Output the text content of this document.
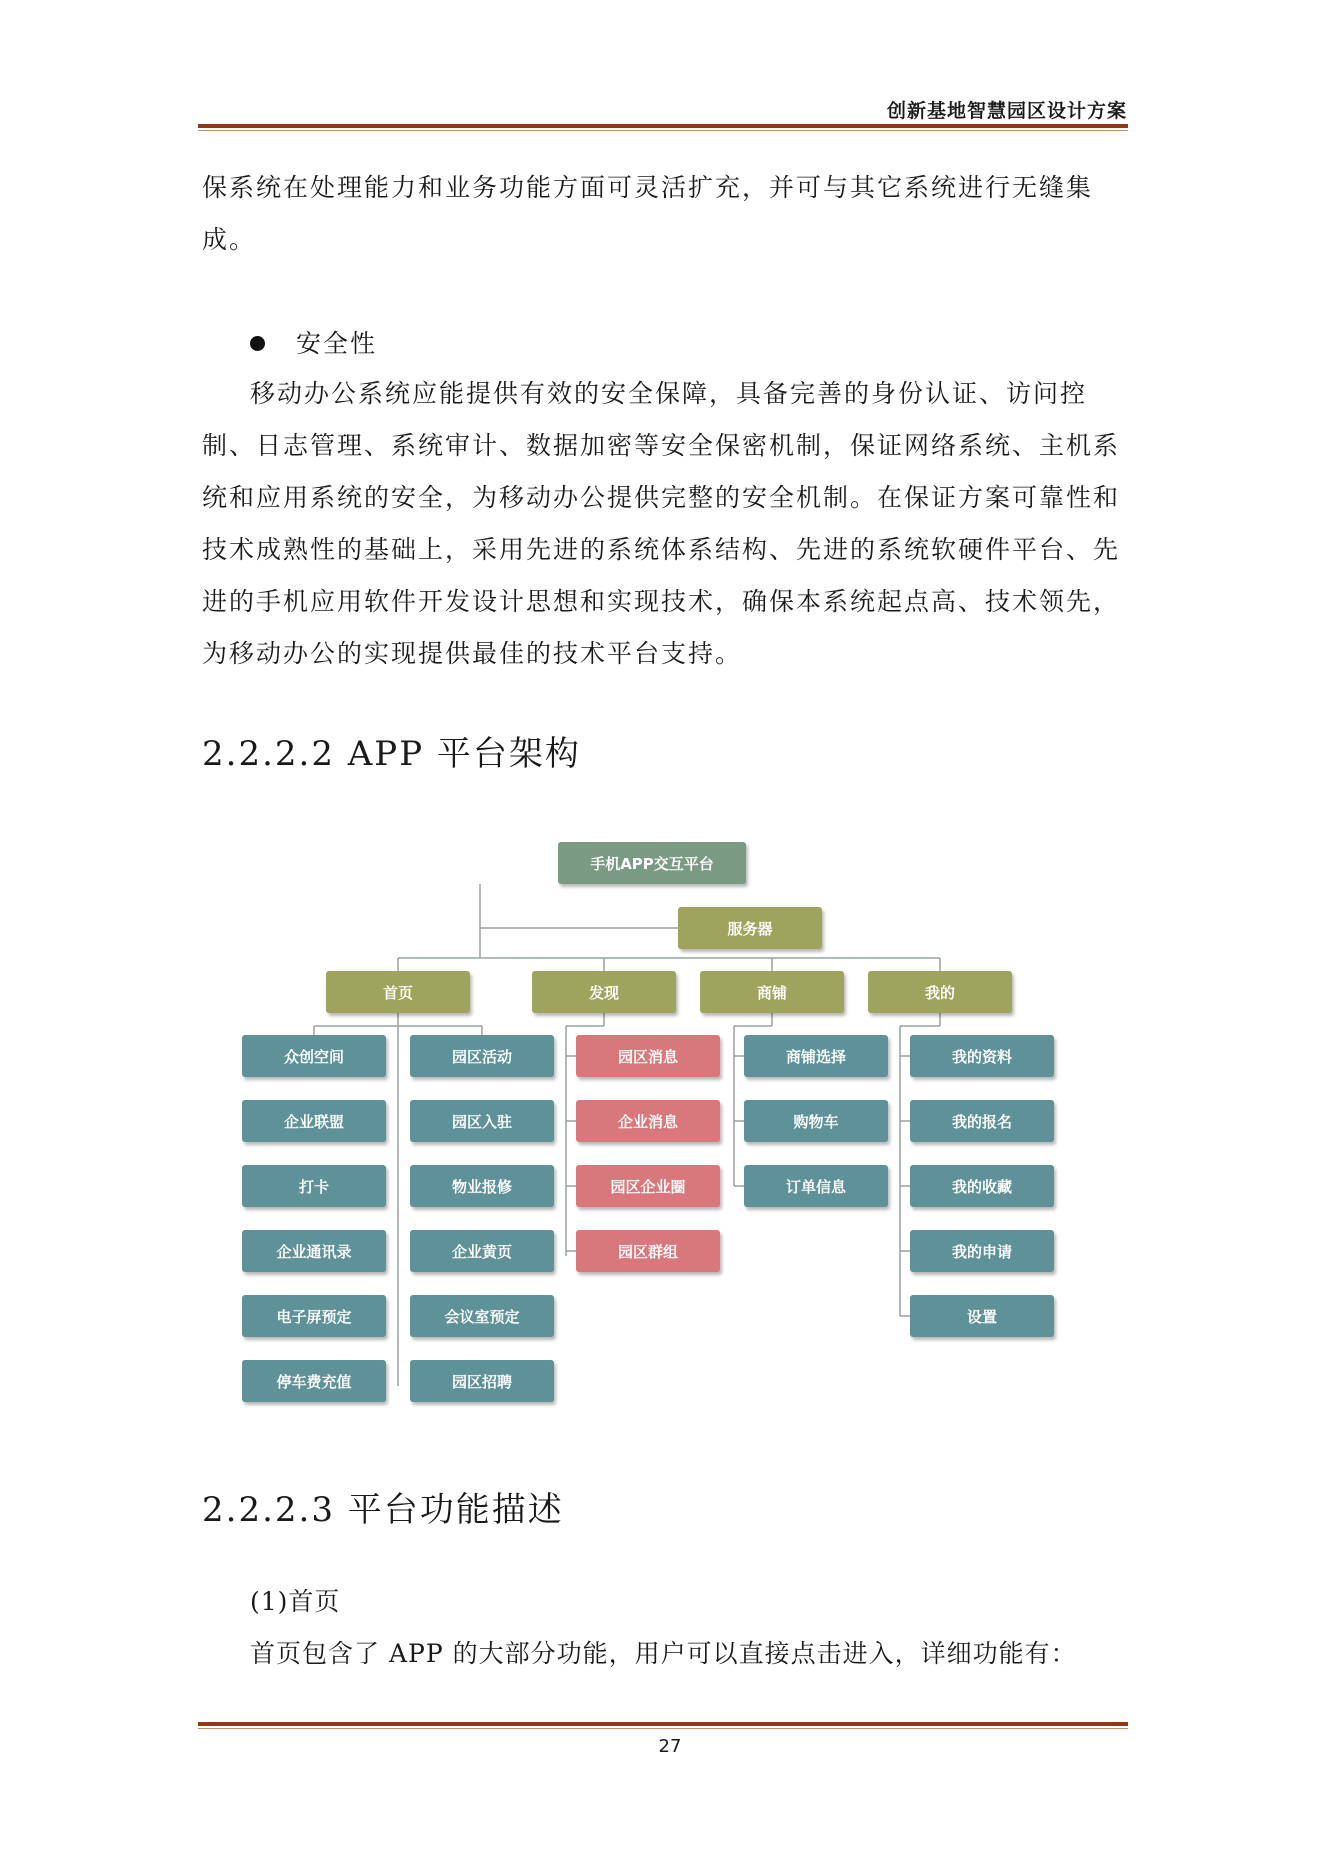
创新基地智慧园区设计方案

保系统在处理能力和业务功能方面可灵活扩充，并可与其它系统进行无缝集
成。

安全性

移动办公系统应能提供有效的安全保障，具备完善的身份认证、访问控
制、日志管理、系统审计、数据加密等安全保密机制，保证网络系统、主机系
统和应用系统的安全，为移动办公提供完整的安全机制。在保证方案可靠性和
技术成熟性的基础上，采用先进的系统体系结构、先进的系统软硬件平台、先
进的手机应用软件开发设计思想和实现技术，确保本系统起点高、技术领先，
为移动办公的实现提供最佳的技术平台支持。

2.2.2.2 APP 平台架构
手机APP交互平台
服务器
首页	发现	商铺	我的
众创空间
企业联盟
打卡
企业通讯录
电子屏预定
停车费充值
园区活动
园区入驻
物业报修
企业黄页
会议室预定
园区招聘
园区消息
企业消息
园区企业圈
园区群组
商铺选择
购物车
订单信息
我的资料
我的报名
我的收藏
我的申请
设置
2.2.2.3 平台功能描述
(1)首页
首页包含了 APP 的大部分功能，用户可以直接点击进入，详细功能有：
27
